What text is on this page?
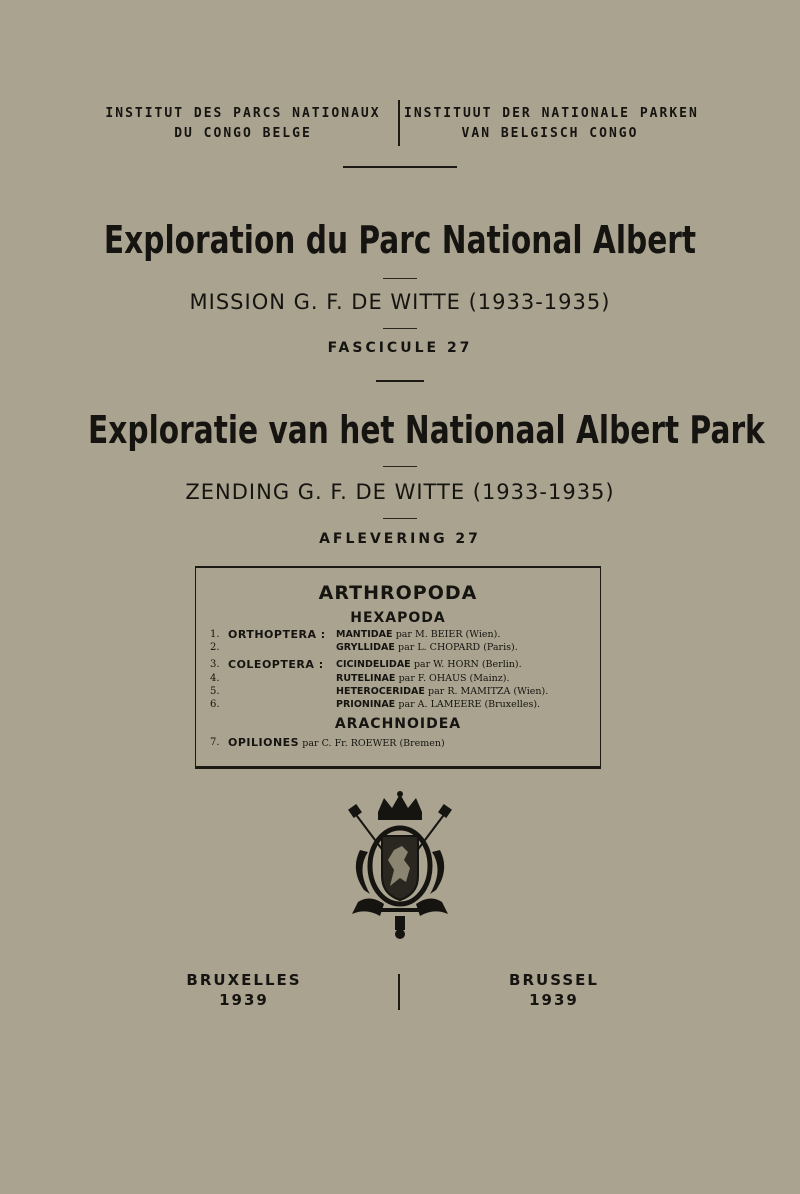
INSTITUT DES PARCS NATIONAUX
DU CONGO BELGE
INSTITUUT DER NATIONALE PARKEN
VAN BELGISCH CONGO
Exploration du Parc National Albert
MISSION G. F. DE WITTE (1933-1935)
FASCICULE 27
Exploratie van het Nationaal Albert Park
ZENDING G. F. DE WITTE (1933-1935)
AFLEVERING 27
ARTHROPODA
HEXAPODA
1. ORTHOPTERA : MANTIDAE par M. BEIER (Wien).
2.	GRYLLIDAE par L. CHOPARD (Paris).
3. COLEOPTERA : CICINDELIDAE par W. HORN (Berlin).
4.	RUTELINAE par F. OHAUS (Mainz).
5.	HETEROCERIDAE par R. MAMITZA (Wien).
6.	PRIONINAE par A. LAMEERE (Bruxelles).
ARACHNOIDEA
7. OPILIONES par C. Fr. ROEWER (Bremen)
BRUXELLES
1939
BRUSSEL
1939
